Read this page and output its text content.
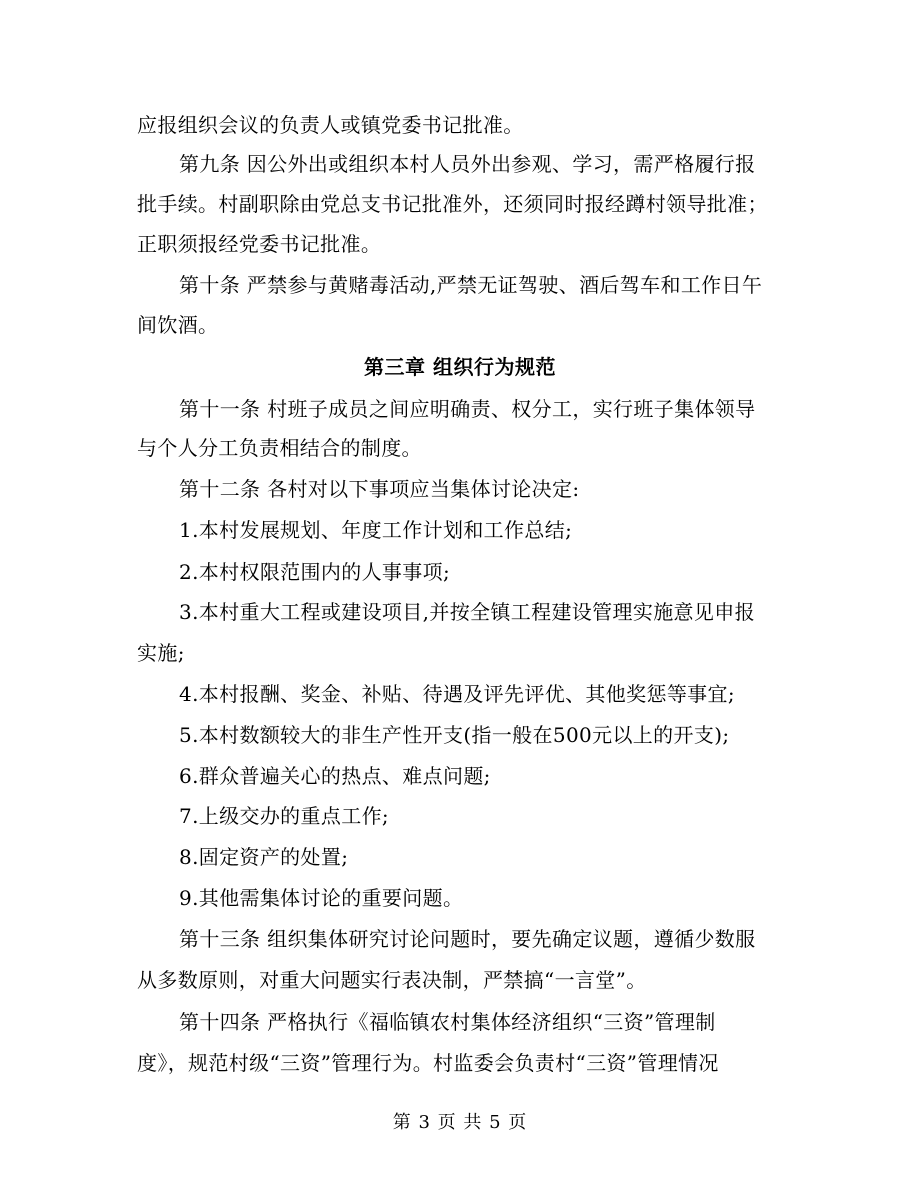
应报组织会议的负责人或镇党委书记批准。
第九条 因公外出或组织本村人员外出参观、学习，需严格履行报
批手续。村副职除由党总支书记批准外，还须同时报经蹲村领导批准；
正职须报经党委书记批准。
第十条 严禁参与黄赌毒活动,严禁无证驾驶、酒后驾车和工作日午
间饮酒。
第三章 组织行为规范
第十一条 村班子成员之间应明确责、权分工，实行班子集体领导
与个人分工负责相结合的制度。
第十二条 各村对以下事项应当集体讨论决定:
1.本村发展规划、年度工作计划和工作总结;
2.本村权限范围内的人事事项;
3.本村重大工程或建设项目,并按全镇工程建设管理实施意见申报
实施;
4.本村报酬、奖金、补贴、待遇及评先评优、其他奖惩等事宜;
5.本村数额较大的非生产性开支(指一般在500元以上的开支);
6.群众普遍关心的热点、难点问题;
7.上级交办的重点工作;
8.固定资产的处置;
9.其他需集体讨论的重要问题。
第十三条 组织集体研究讨论问题时，要先确定议题，遵循少数服
从多数原则，对重大问题实行表决制，严禁搞“一言堂”。
第十四条 严格执行《福临镇农村集体经济组织“三资”管理制
度》，规范村级“三资”管理行为。村监委会负责村“三资”管理情况
第 3 页 共 5 页
